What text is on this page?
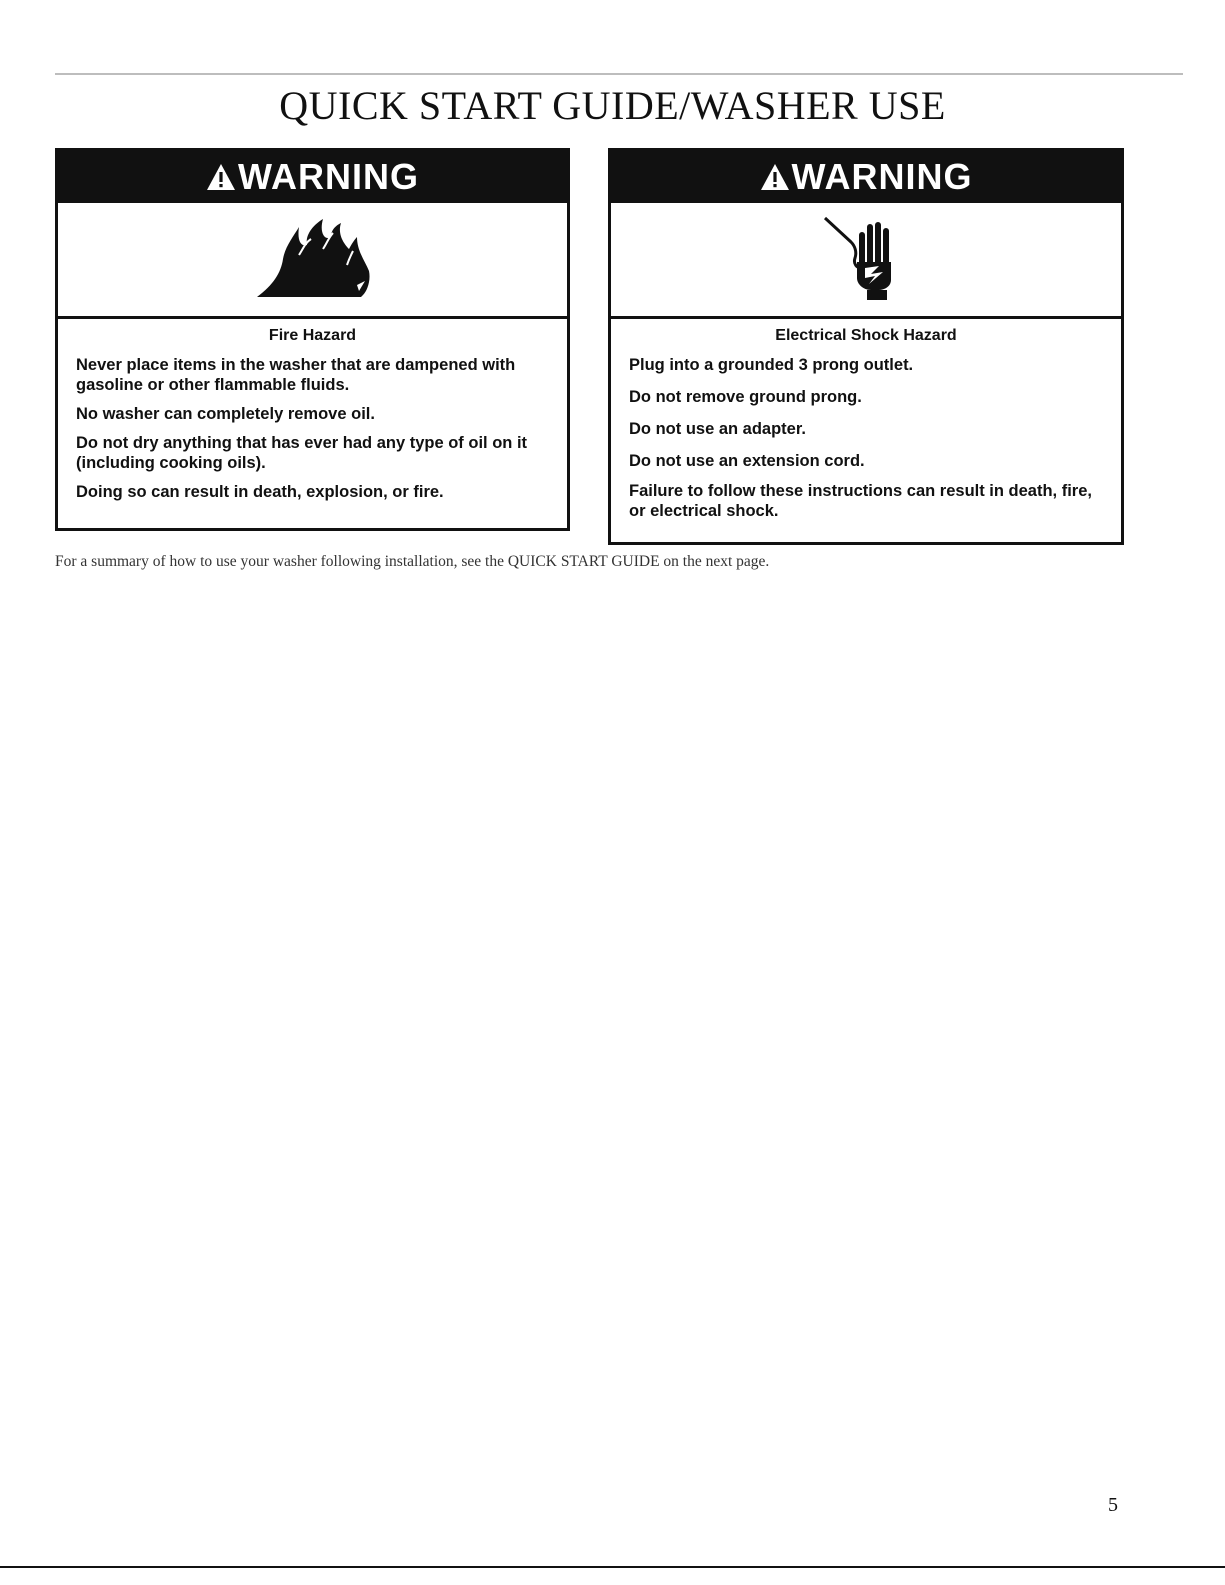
QUICK START GUIDE/WASHER USE
WARNING
Fire Hazard

Never place items in the washer that are dampened with gasoline or other flammable fluids.

No washer can completely remove oil.

Do not dry anything that has ever had any type of oil on it (including cooking oils).

Doing so can result in death, explosion, or fire.

WARNING
Electrical Shock Hazard

Plug into a grounded 3 prong outlet.

Do not remove ground prong.

Do not use an adapter.

Do not use an extension cord.

Failure to follow these instructions can result in death, fire, or electrical shock.

For a summary of how to use your washer following installation, see the QUICK START GUIDE on the next page.
5
